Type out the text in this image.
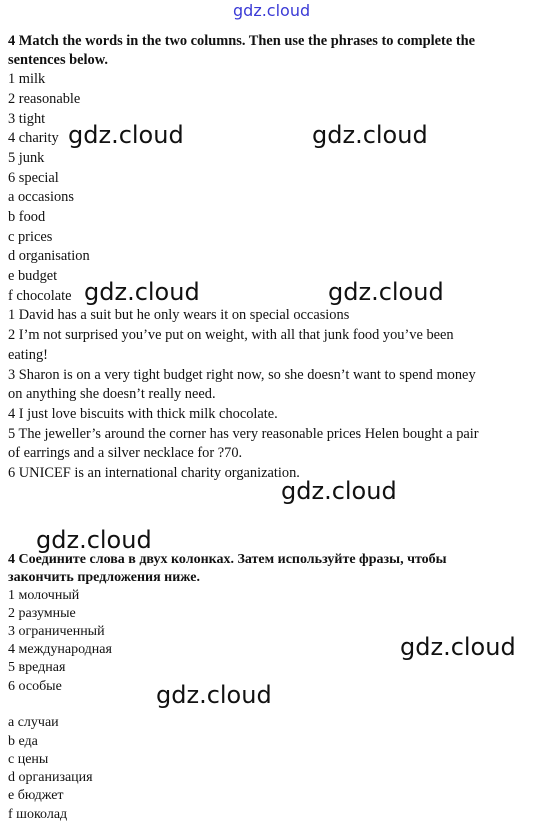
gdz.cloud
4 Match the words in the two columns. Then use the phrases to complete the
sentences below.
1 milk
2 reasonable
3 tight
4 charity
5 junk
6 special
a occasions
b food
c prices
d organisation
e budget
f chocolate
1 David has a suit but he only wears it on special occasions
2 I’m not surprised you’ve put on weight, with all that junk food you’ve been
eating!
3 Sharon is on a very tight budget right now, so she doesn’t want to spend money
on anything she doesn’t really need.
4 I just love biscuits with thick milk chocolate.
5 The jeweller’s around the corner has very reasonable prices Helen bought a pair
of earrings and a silver necklace for ?70.
6 UNICEF is an international charity organization.
4 Соедините слова в двух колонках. Затем используйте фразы, чтобы
закончить предложения ниже.
1 молочный
2 разумные
3 ограниченный
4 международная
5 вредная
6 особые
a случаи
b еда
c цены
d организация
e бюджет
f шоколад
gdz.cloud	gdz.cloud
gdz.cloud	gdz.cloud
gdz.cloud
gdz.cloud
gdz.cloud
gdz.cloud
